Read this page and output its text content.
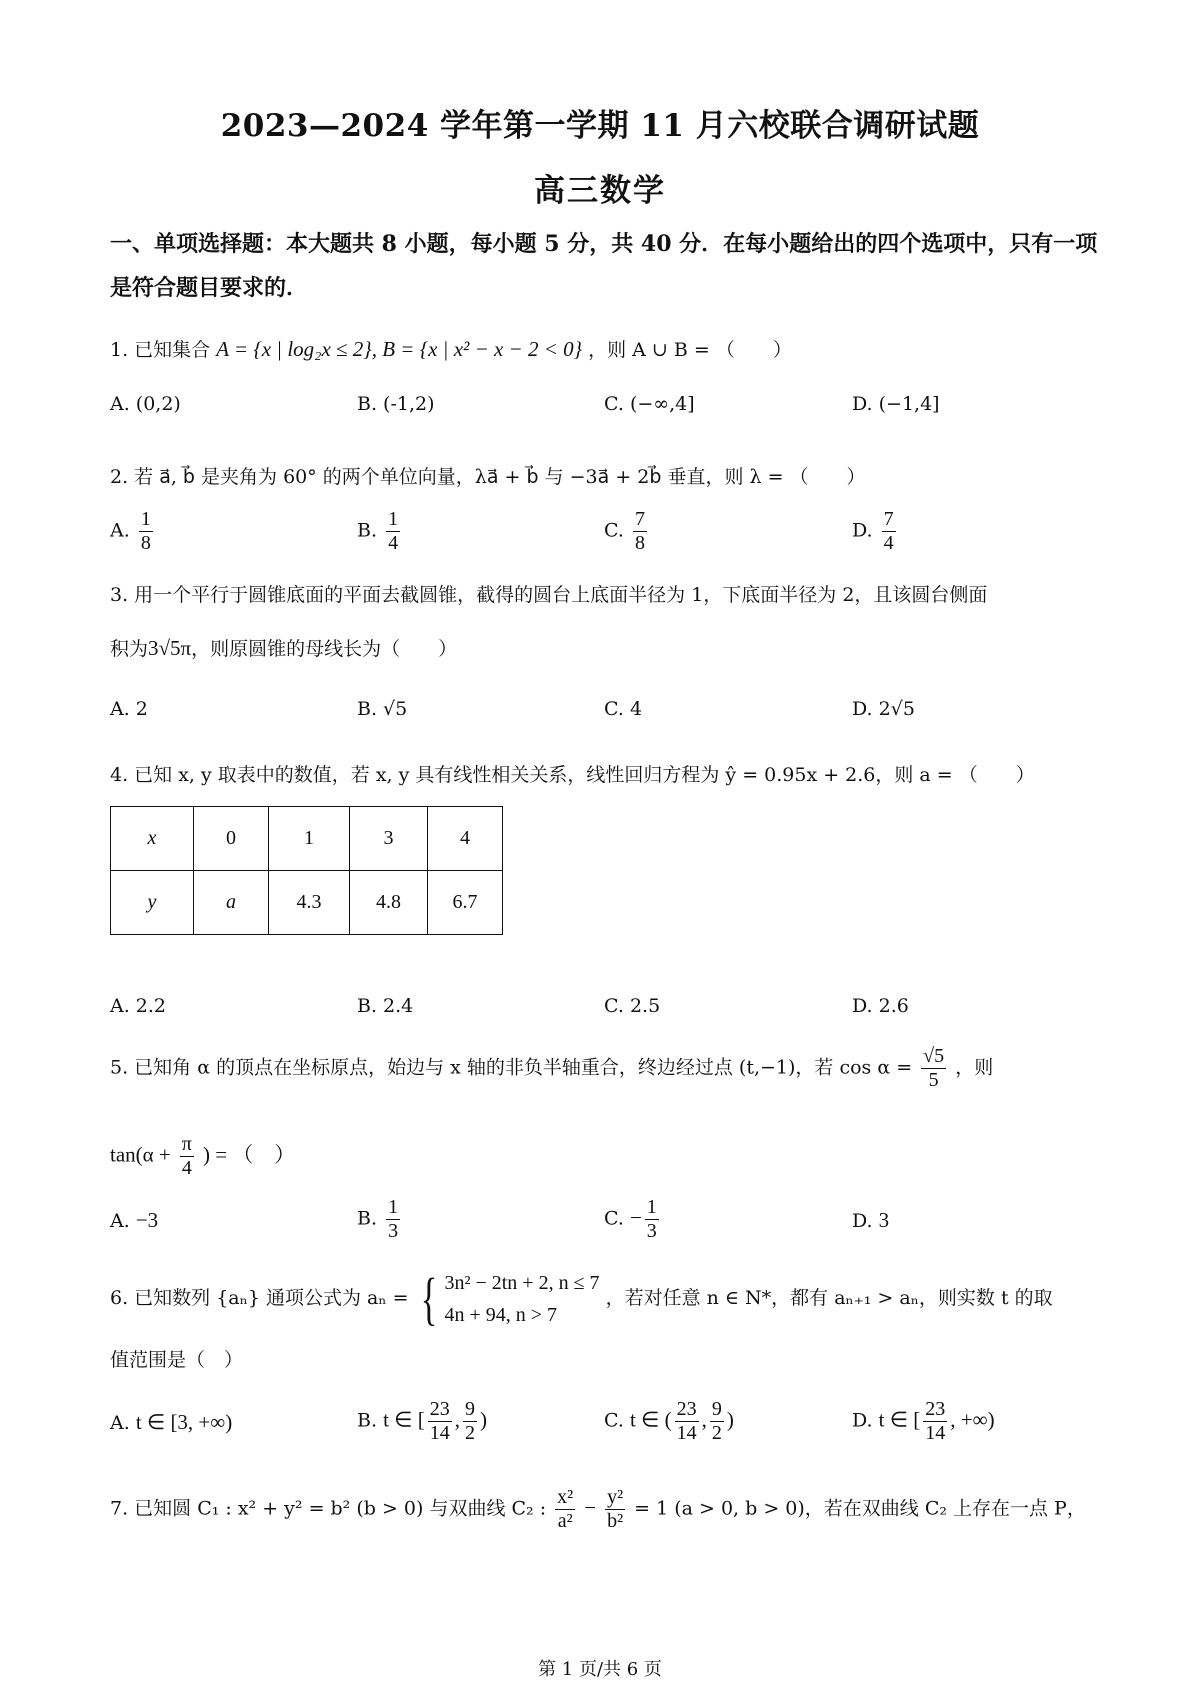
2023—2024 学年第一学期 11 月六校联合调研试题
高三数学
一、单项选择题：本大题共 8 小题，每小题 5 分，共 40 分．在每小题给出的四个选项中，只有一项是符合题目要求的．
1. 已知集合 A = {x | log₂x ≤ 2}, B = {x | x² − x − 2 < 0} ，则 A ∪ B = （　　）
A. (0,2)	B. (-1,2)	C. (−∞,4]	D. (−1,4]
2. 若 a⃗, b⃗ 是夹角为 60° 的两个单位向量，λa⃗ + b⃗ 与 −3a⃗ + 2b⃗ 垂直，则 λ = （　　）
A. $\frac{1}{8}$	B. $\frac{1}{4}$	C. $\frac{7}{8}$	D. $\frac{7}{4}$
3. 用一个平行于圆锥底面的平面去截圆锥，截得的圆台上底面半径为 1，下底面半径为 2，且该圆台侧面
积为3√5π，则原圆锥的母线长为（　　）
A. 2	B. √5	C. 4	D. 2√5
4. 已知 x, y 取表中的数值，若 x, y 具有线性相关关系，线性回归方程为 ŷ = 0.95x + 2.6，则 a = （　　）
x	0	1	3	4
y	a	4.3	4.8	6.7
A. 2.2	B. 2.4	C. 2.5	D. 2.6
5. 已知角 α 的顶点在坐标原点，始边与 x 轴的非负半轴重合，终边经过点 (t,−1)，若 $\cos \alpha = \frac{√5}{5}$ ，则
$\tan(\alpha + \frac{\pi}{4}$ ) = （　）
A. −3	B. $\frac{1}{3}$	C. − $\frac{1}{3}$	D. 3
6. 已知数列 {aₙ} 通项公式为 aₙ = { 3n² − 2tn + 2, n ≤ 7
4n + 94, n > 7
，若对任意 n ∈ N*，都有 aₙ₊₁ > aₙ，则实数 t 的取
值范围是（　）
A. t ∈ [3, +∞)	B. t ∈ [ $\frac{23}{14}$ , $\frac{9}{2}$ )	C. t ∈ ( $\frac{23}{14}$ , $\frac{9}{2}$ )	D. t ∈ [ $\frac{23}{14}$ , +∞)
7. 已知圆 C₁ : x² + y² = b² (b > 0) 与双曲线 C₂ : $\frac{\text{x²}}{\text{a²}} - \frac{\text{y²}}{\text{b²}} = 1$ (a > 0, b > 0)，若在双曲线 C₂ 上存在一点 P，
第 1 页/共 6 页
